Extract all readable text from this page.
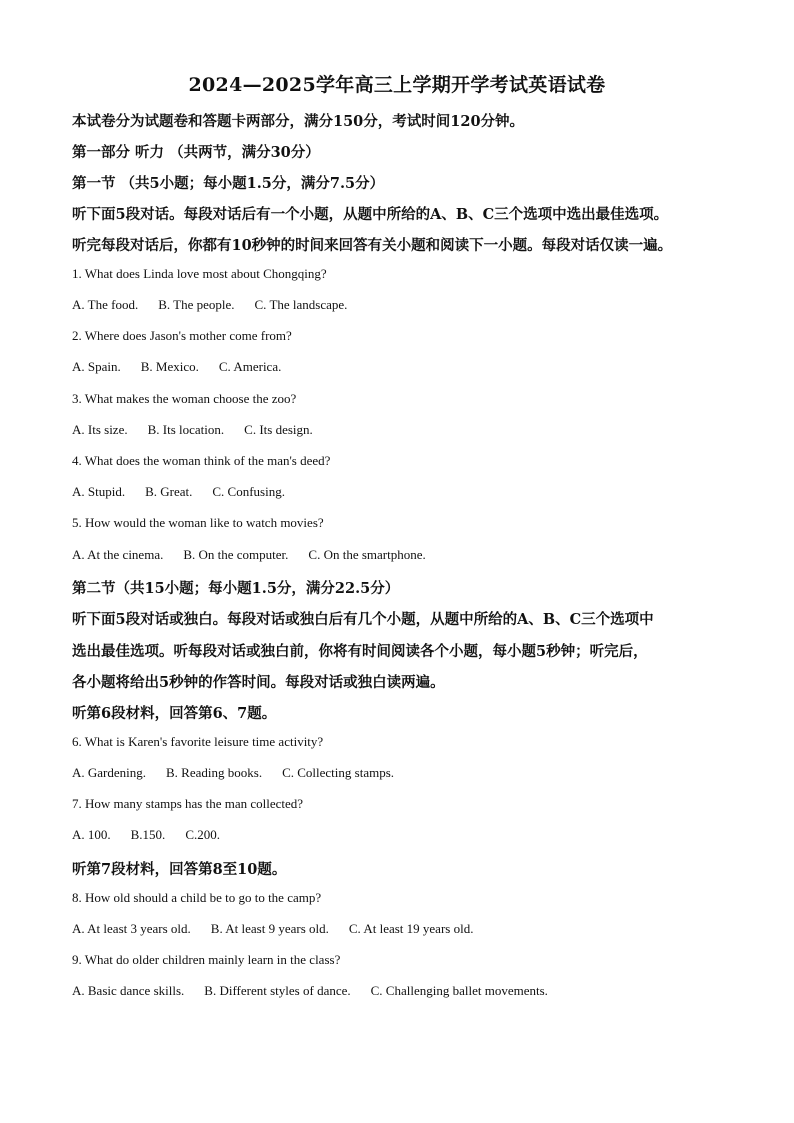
2024—2025学年高三上学期开学考试英语试卷
本试卷分为试题卷和答题卡两部分，满分150分，考试时间120分钟。
第一部分 听力 （共两节，满分30分）
第一节 （共5小题；每小题1.5分，满分7.5分）
听下面5段对话。每段对话后有一个小题，从题中所给的A、B、C三个选项中选出最佳选项。
听完每段对话后，你都有10秒钟的时间来回答有关小题和阅读下一小题。每段对话仅读一遍。
1. What does Linda love most about Chongqing?
A. The food. B. The people. C. The landscape.
2. Where does Jason's mother come from?
A. Spain. B. Mexico. C. America.
3. What makes the woman choose the zoo?
A. Its size. B. Its location. C. Its design.
4. What does the woman think of the man's deed?
A. Stupid. B. Great. C. Confusing.
5. How would the woman like to watch movies?
A. At the cinema. B. On the computer. C. On the smartphone.
第二节（共15小题；每小题1.5分，满分22.5分）
听下面5段对话或独白。每段对话或独白后有几个小题，从题中所给的A、B、C三个选项中
选出最佳选项。听每段对话或独白前，你将有时间阅读各个小题，每小题5秒钟；听完后，
各小题将给出5秒钟的作答时间。每段对话或独白读两遍。
听第6段材料，回答第6、7题。
6. What is Karen's favorite leisure time activity?
A. Gardening. B. Reading books. C. Collecting stamps.
7. How many stamps has the man collected?
A. 100. B.150. C.200.
听第7段材料，回答第8至10题。
8. How old should a child be to go to the camp?
A. At least 3 years old. B. At least 9 years old. C. At least 19 years old.
9. What do older children mainly learn in the class?
A. Basic dance skills. B. Different styles of dance. C. Challenging ballet movements.
